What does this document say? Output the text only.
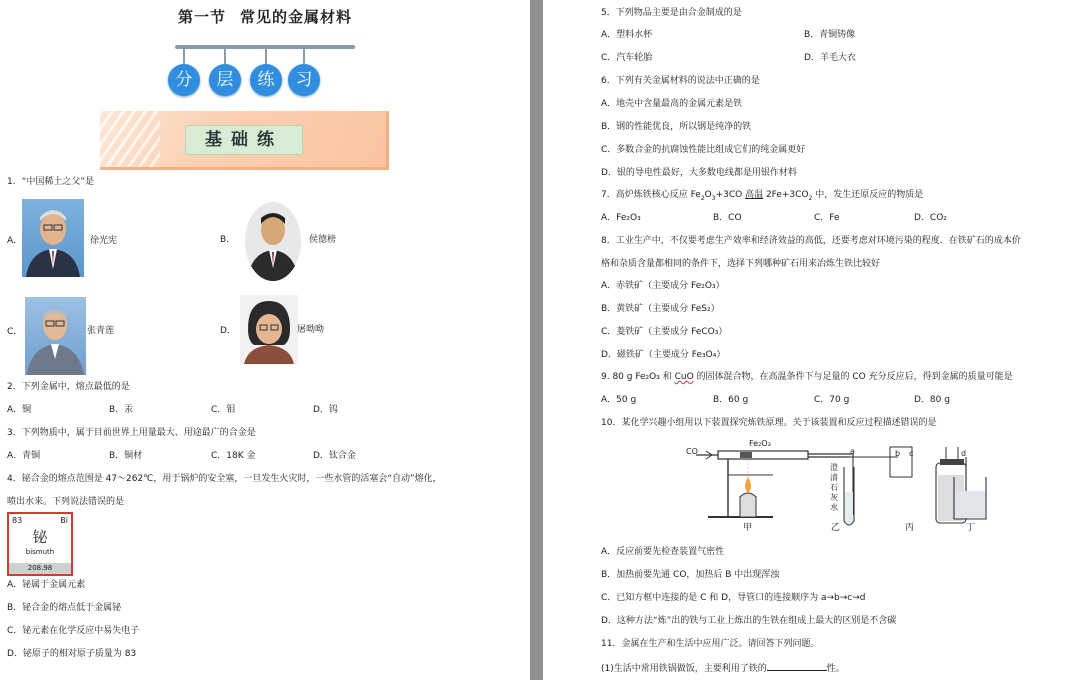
第一节 常见的金属材料
分	层	练	习
基础练
1．“中国稀土之父”是
A．	徐光宪	B．	侯德榜
C．	张青莲	D．	屠呦呦
2．下列金属中，熔点最低的是
A．铜	B．汞	C．钼	D．钨
3．下列物质中，属于目前世界上用量最大、用途最广的合金是
A．青铜	B．铜材	C．18K 金	D．钛合金
4．铋合金的熔点范围是 47～262℃，用于锅炉的安全塞，一旦发生火灾时，一些水管的活塞会“自动”熔化，
喷出水来。下列说法错误的是
83	Bi
铋
bismuth
208.98
A．铋属于金属元素
B．铋合金的熔点低于金属铋
C．铋元素在化学反应中易失电子
D．铋原子的相对原子质量为 83
5．下列物品主要是由合金制成的是
A．塑料水杯	B．青铜铸像
C．汽车轮胎	D．羊毛大衣
6．下列有关金属材料的说法中正确的是
A．地壳中含量最高的金属元素是铁
B．钢的性能优良，所以钢是纯净的铁
C．多数合金的抗腐蚀性能比组成它们的纯金属更好
D．银的导电性最好，大多数电线都是用银作材料
7．高炉炼铁核心反应 $Fe_2O_3+3CO$ 高温 $2Fe+3CO_2$ 中，发生还原反应的物质是
A．Fe₂O₃	B．CO	C．Fe	D．CO₂
8．工业生产中，不仅要考虑生产效率和经济效益的高低，还要考虑对环境污染的程度．在铁矿石的成本价
格和杂质含量都相同的条件下，选择下列哪种矿石用来冶炼生铁比较好
A．赤铁矿（主要成分 Fe₂O₃）
B．黄铁矿（主要成分 FeS₂）
C．菱铁矿（主要成分 FeCO₃）
D．磁铁矿（主要成分 Fe₃O₄）
9. 80 g Fe₂O₃ 和 CuO 的固体混合物，在高温条件下与足量的 CO 充分反应后，得到金属的质量可能是
A．50 g	B．60 g	C．70 g	D．80 g
10．某化学兴趣小组用以下装置探究炼铁原理。关于该装置和反应过程描述错误的是
CO
Fe₂O₃
a	b c	d
澄
清
石
灰
水
甲	乙	丙	丁
A．反应前要先检查装置气密性
B．加热前要先通 CO，加热后 B 中出现浑浊
C．已知方框中连接的是 C 和 D，导管口的连接顺序为 a→b→c→d
D．这种方法“炼”出的铁与工业上炼出的生铁在组成上最大的区别是不含碳
11．金属在生产和生活中应用广泛。请回答下列问题。
(1)生活中常用铁锅做饭，主要利用了铁的	性。
